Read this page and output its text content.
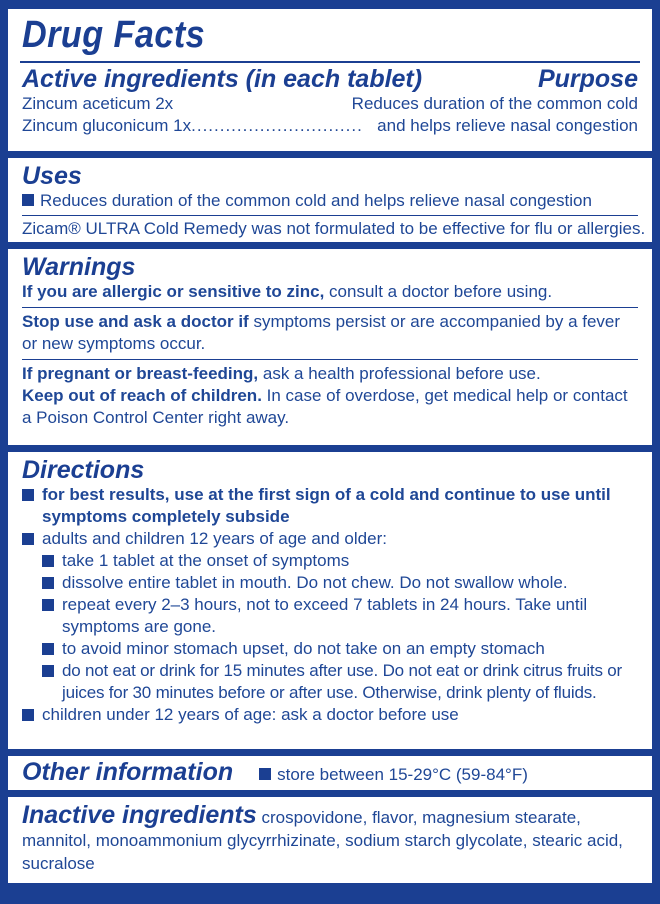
Drug Facts
Active ingredients (in each tablet)	Purpose
Zincum aceticum 2x	Reduces duration of the common cold
Zincum gluconicum 1x .............................. and helps relieve nasal congestion
Uses
Reduces duration of the common cold and helps relieve nasal congestion
Zicam® ULTRA Cold Remedy was not formulated to be effective for flu or allergies.
Warnings
If you are allergic or sensitive to zinc, consult a doctor before using.
Stop use and ask a doctor if symptoms persist or are accompanied by a fever or new symptoms occur.
If pregnant or breast-feeding, ask a health professional before use.
Keep out of reach of children. In case of overdose, get medical help or contact a Poison Control Center right away.
Directions
for best results, use at the first sign of a cold and continue to use until symptoms completely subside
adults and children 12 years of age and older:
take 1 tablet at the onset of symptoms
dissolve entire tablet in mouth. Do not chew. Do not swallow whole.
repeat every 2–3 hours, not to exceed 7 tablets in 24 hours. Take until symptoms are gone.
to avoid minor stomach upset, do not take on an empty stomach
do not eat or drink for 15 minutes after use. Do not eat or drink citrus fruits or juices for 30 minutes before or after use. Otherwise, drink plenty of fluids.
children under 12 years of age: ask a doctor before use
Other information	store between 15-29°C (59-84°F)
Inactive ingredients crospovidone, flavor, magnesium stearate, mannitol, monoammonium glycyrrhizinate, sodium starch glycolate, stearic acid, sucralose
